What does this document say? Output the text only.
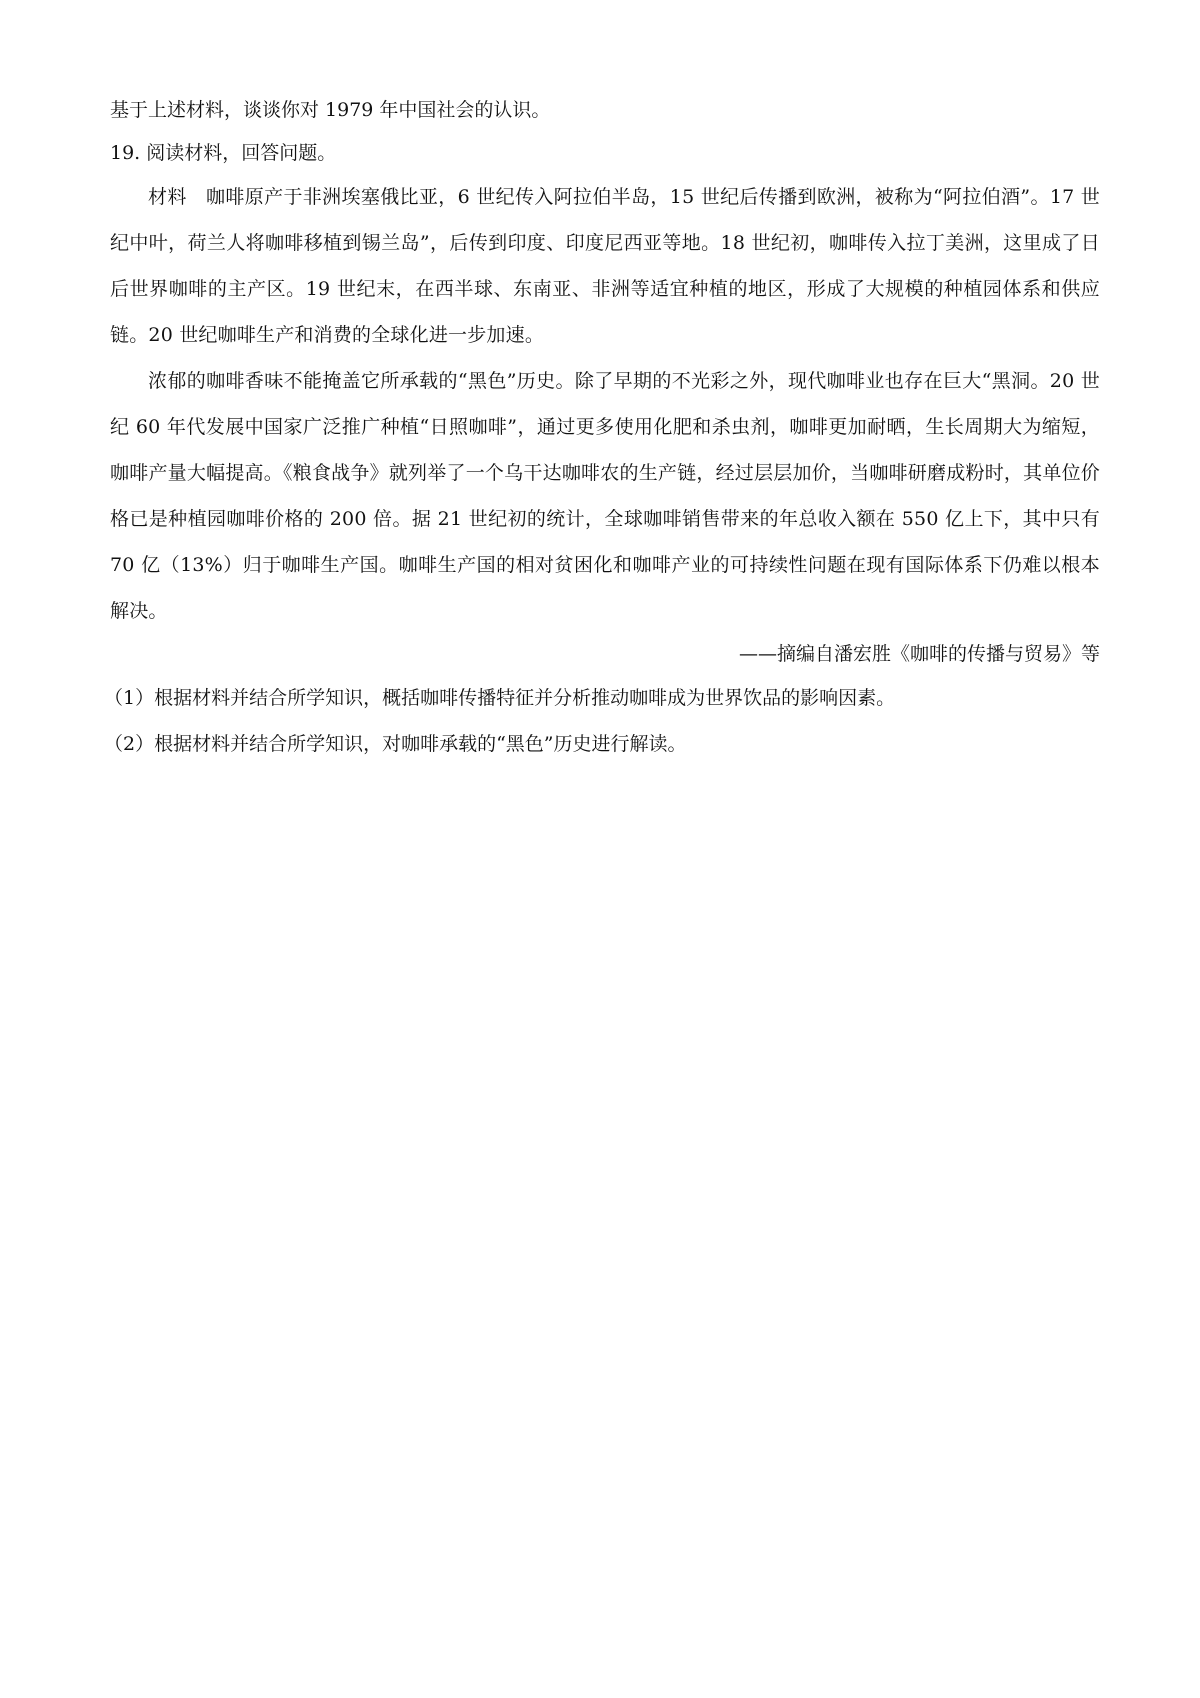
基于上述材料，谈谈你对 1979 年中国社会的认识。

19. 阅读材料，回答问题。

材料　咖啡原产于非洲埃塞俄比亚，6 世纪传入阿拉伯半岛，15 世纪后传播到欧洲，被称为“阿拉伯酒”。17 世纪中叶，荷兰人将咖啡移植到锡兰岛”，后传到印度、印度尼西亚等地。18 世纪初，咖啡传入拉丁美洲，这里成了日后世界咖啡的主产区。19 世纪末，在西半球、东南亚、非洲等适宜种植的地区，形成了大规模的种植园体系和供应链。20 世纪咖啡生产和消费的全球化进一步加速。

浓郁的咖啡香味不能掩盖它所承载的“黑色”历史。除了早期的不光彩之外，现代咖啡业也存在巨大“黑洞。20 世纪 60 年代发展中国家广泛推广种植“日照咖啡”，通过更多使用化肥和杀虫剂，咖啡更加耐晒，生长周期大为缩短，咖啡产量大幅提高。《粮食战争》就列举了一个乌干达咖啡农的生产链，经过层层加价，当咖啡研磨成粉时，其单位价格已是种植园咖啡价格的 200 倍。据 21 世纪初的统计，全球咖啡销售带来的年总收入额在 550 亿上下，其中只有 70 亿（13%）归于咖啡生产国。咖啡生产国的相对贫困化和咖啡产业的可持续性问题在现有国际体系下仍难以根本解决。

——摘编自潘宏胜《咖啡的传播与贸易》等

（1）根据材料并结合所学知识，概括咖啡传播特征并分析推动咖啡成为世界饮品的影响因素。

（2）根据材料并结合所学知识，对咖啡承载的“黑色”历史进行解读。
